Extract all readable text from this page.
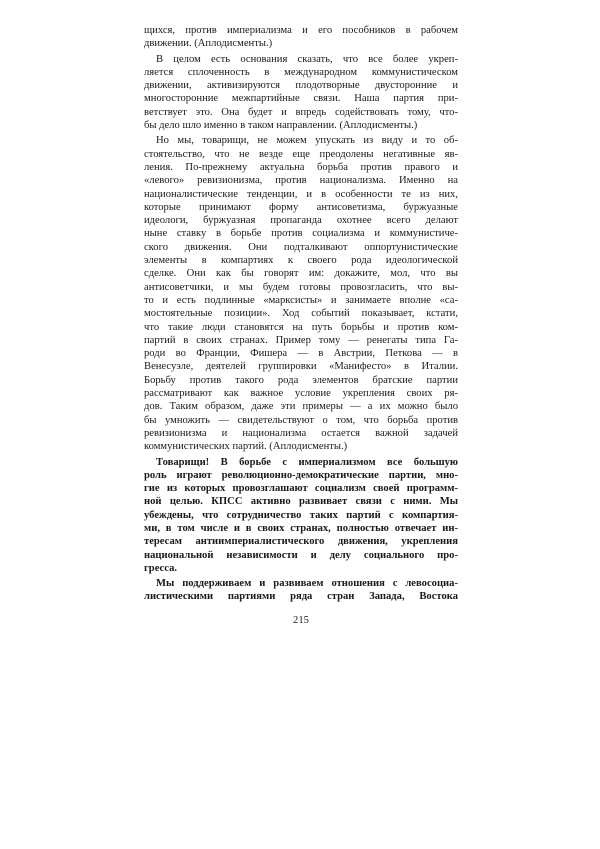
щихся, против империализма и его пособников в рабочем
движении. (Аплодисменты.)
В целом есть основания сказать, что все более укреп-
ляется сплоченность в международном коммунистическом
движении, активизируются плодотворные двусторонние и
многосторонние межпартийные связи. Наша партия при-
ветствует это. Она будет и впредь содействовать тому, что-
бы дело шло именно в таком направлении. (Аплодисменты.)
Но мы, товарищи, не можем упускать из виду и то об-
стоятельство, что не везде еще преодолены негативные яв-
ления. По-прежнему актуальна борьба против правого и
«левого» ревизионизма, против национализма. Именно на
националистические тенденции, и в особенности те из них,
которые принимают форму антисоветизма, буржуазные
идеологи, буржуазная пропаганда охотнее всего делают
ныне ставку в борьбе против социализма и коммунистиче-
ского движения. Они подталкивают оппортунистические
элементы в компартиях к своего рода идеологической
сделке. Они как бы говорят им: докажите, мол, что вы
антисоветчики, и мы будем готовы провозгласить, что вы-
то и есть подлинные «марксисты» и занимаете вполне «са-
мостоятельные позиции». Ход событий показывает, кстати,
что такие люди становятся на путь борьбы и против ком-
партий в своих странах. Пример тому — ренегаты типа Га-
роди во Франции, Фишера — в Австрии, Петкова — в
Венесуэле, деятелей группировки «Манифесто» в Италии.
Борьбу против такого рода элементов братские партии
рассматривают как важное условие укрепления своих ря-
дов. Таким образом, даже эти примеры — а их можно было
бы умножить — свидетельствуют о том, что борьба против
ревизионизма и национализма остается важной задачей
коммунистических партий. (Аплодисменты.)
Товарищи! В борьбе с империализмом все большую
роль играют революционно-демократические партии, мно-
гие из которых провозглашают социализм своей программ-
ной целью. КПСС активно развивает связи с ними. Мы
убеждены, что сотрудничество таких партий с компартия-
ми, в том числе и в своих странах, полностью отвечает ин-
тересам антиимпериалистического движения, укрепления
национальной независимости и делу социального про-
гресса.
Мы поддерживаем и развиваем отношения с левосоциа-
листическими партиями ряда стран Запада, Востока
215
